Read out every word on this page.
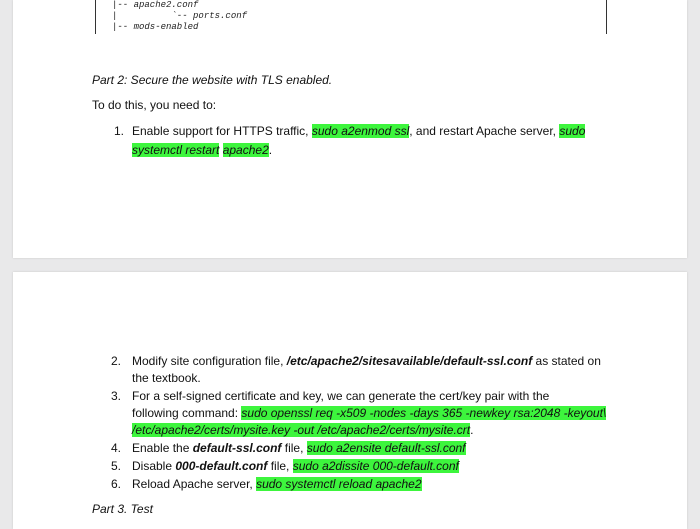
|-- apache2.conf
|          `-- ports.conf
|-- mods-enabled
Part 2: Secure the website with TLS enabled.
To do this, you need to:
1. Enable support for HTTPS traffic, sudo a2enmod ssl, and restart Apache server, sudo
systemctl restart apache2.
2. Modify site configuration file, /etc/apache2/sitesavailable/default-ssl.conf as stated on
the textbook.
3. For a self-signed certificate and key, we can generate the cert/key pair with the
following command: sudo openssl req -x509 -nodes -days 365 -newkey rsa:2048 -keyout\
/etc/apache2/certs/mysite.key -out /etc/apache2/certs/mysite.crt.
4. Enable the default-ssl.conf file, sudo a2ensite default-ssl.conf
5. Disable 000-default.conf file, sudo a2dissite 000-default.conf
6. Reload Apache server, sudo systemctl reload apache2
Part 3. Test
